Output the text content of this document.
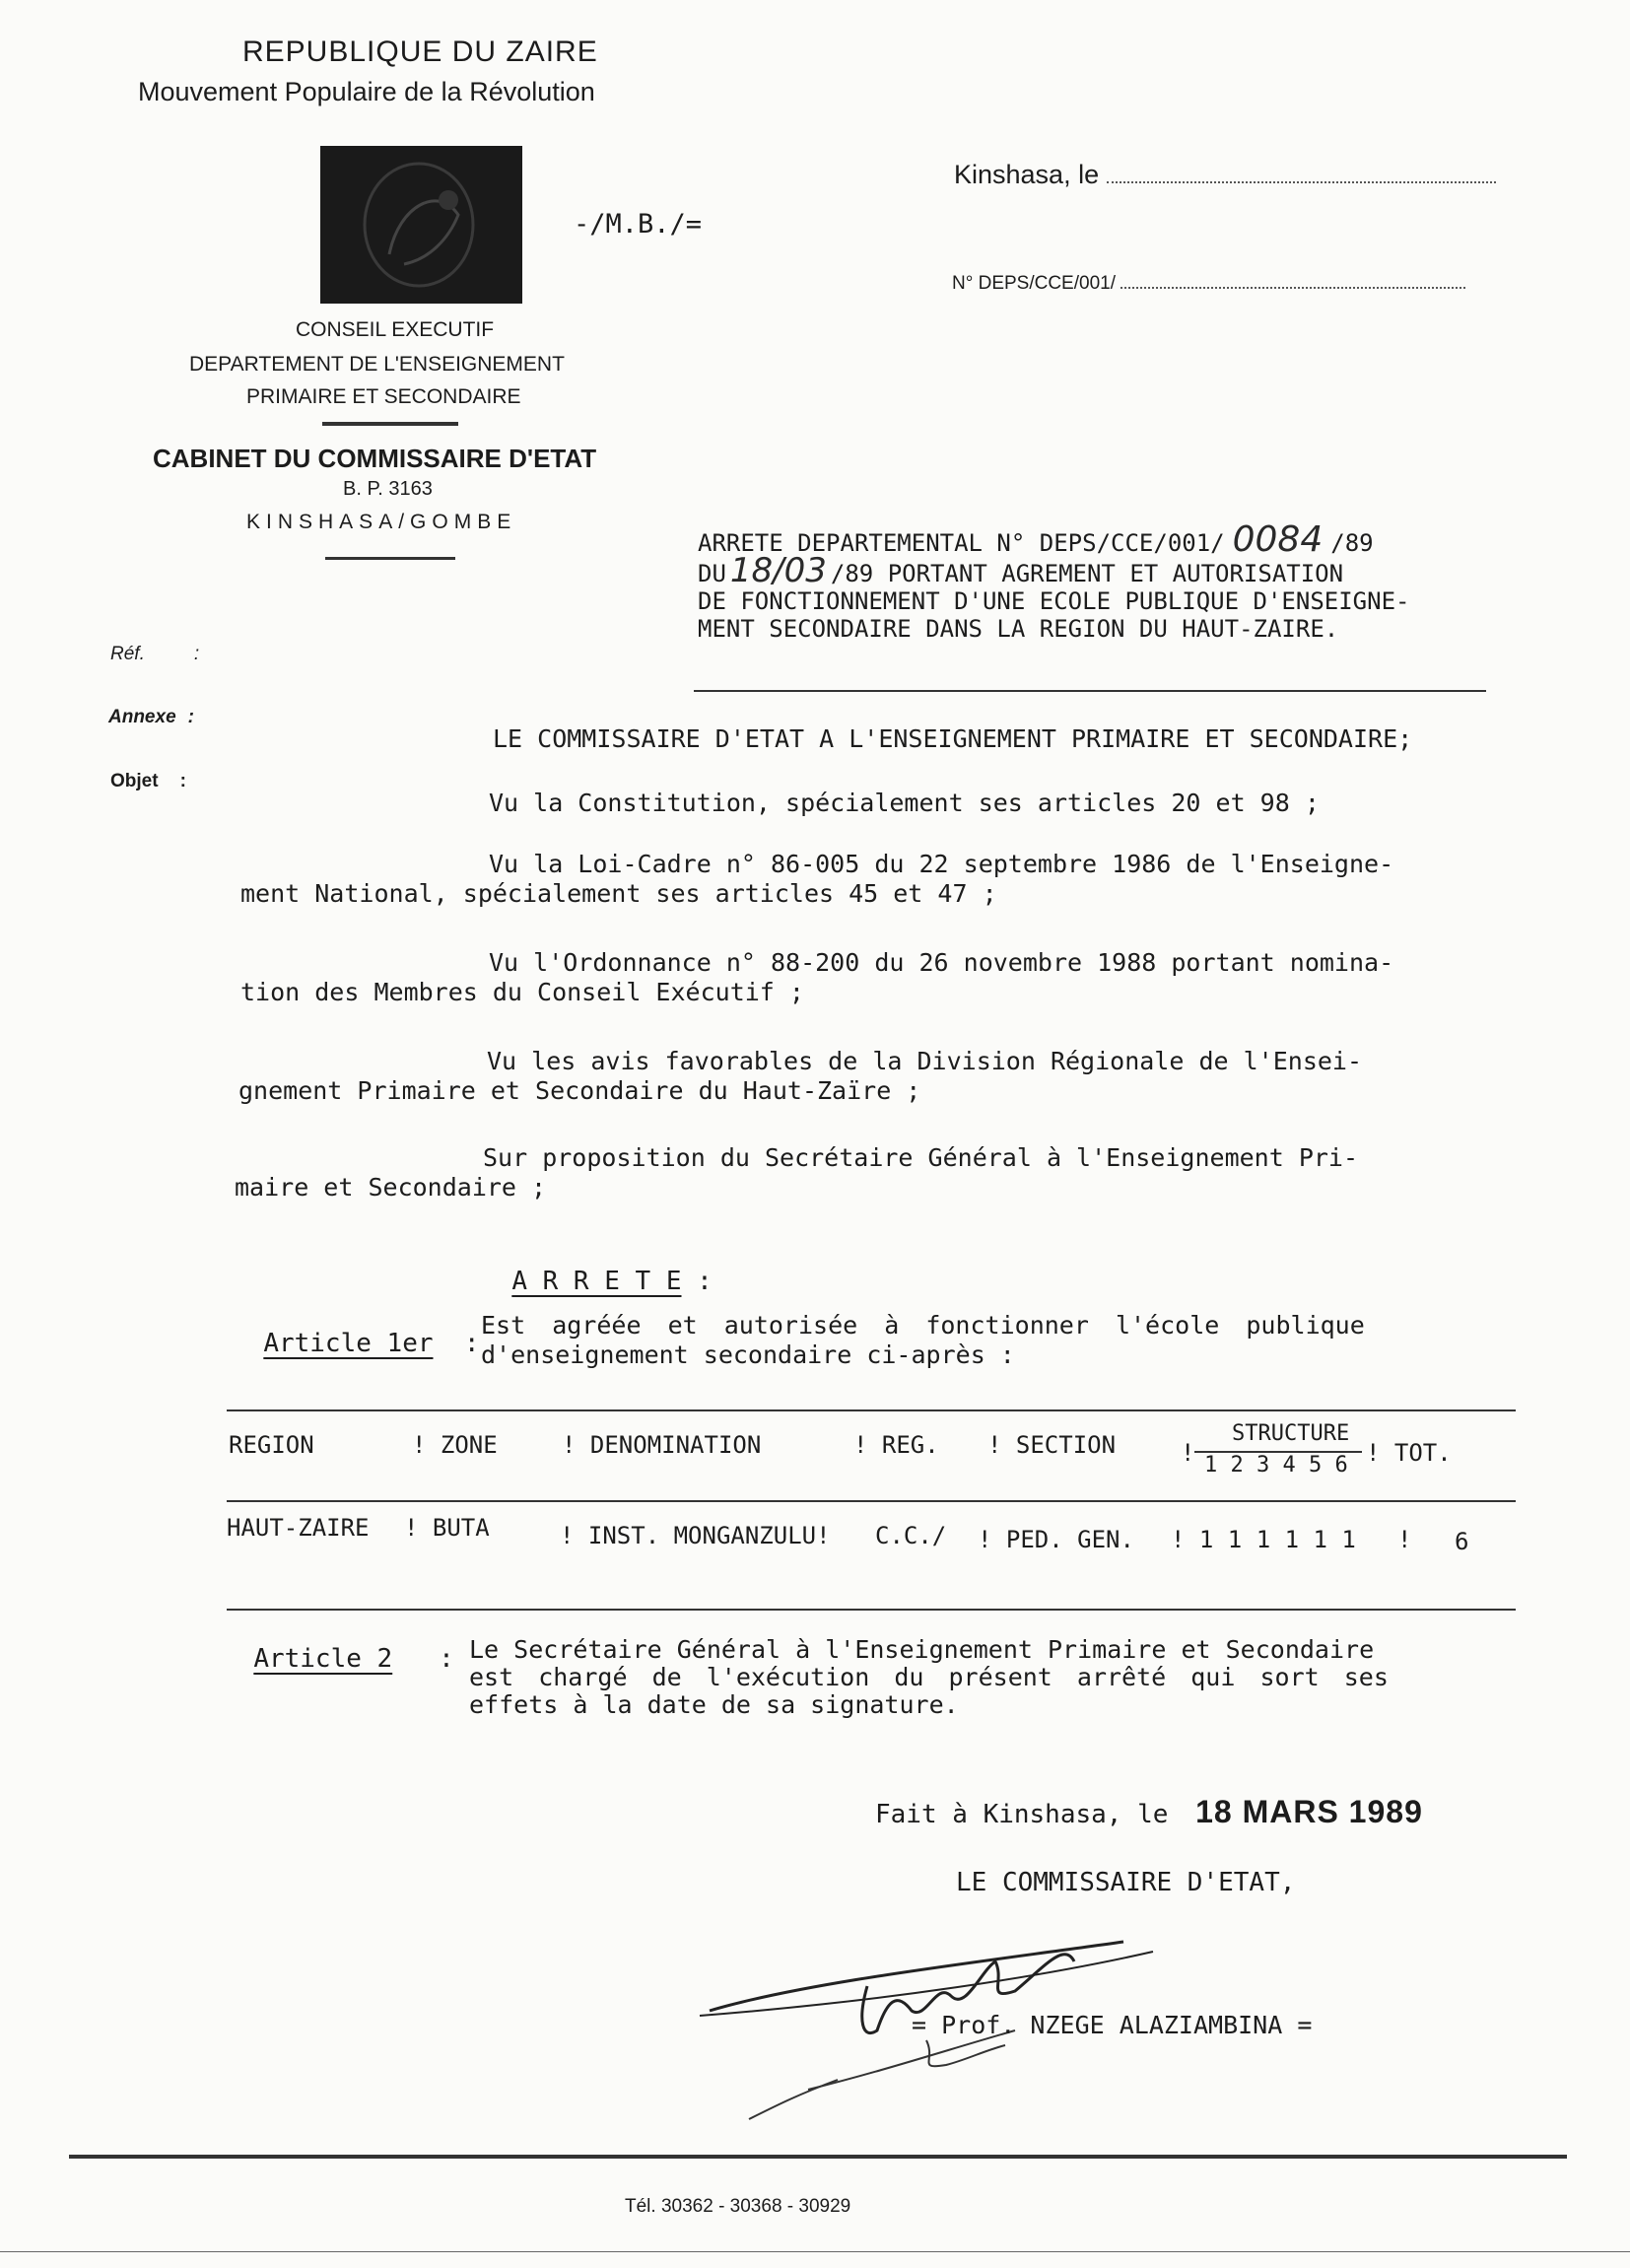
REPUBLIQUE DU ZAIRE
Mouvement Populaire de la Révolution
-/M.B./=
CONSEIL EXECUTIF
DEPARTEMENT DE L'ENSEIGNEMENT
PRIMAIRE ET SECONDAIRE
CABINET DU COMMISSAIRE D'ETAT
B. P. 3163
KINSHASA/GOMBE
Kinshasa, le
N° DEPS/CCE/001/
Réf.	:
Annexe :
Objet :
ARRETE DEPARTEMENTAL N° DEPS/CCE/001/ 0084 /89
DU 18/03 /89 PORTANT AGREMENT ET AUTORISATION
DE FONCTIONNEMENT D'UNE ECOLE PUBLIQUE D'ENSEIGNE-
MENT SECONDAIRE DANS LA REGION DU HAUT-ZAIRE.
LE COMMISSAIRE D'ETAT A L'ENSEIGNEMENT PRIMAIRE ET SECONDAIRE;
Vu la Constitution, spécialement ses articles 20 et 98 ;
Vu la Loi-Cadre n° 86-005 du 22 septembre 1986 de l'Enseigne-
ment National, spécialement ses articles 45 et 47 ;
Vu l'Ordonnance n° 88-200 du 26 novembre 1988 portant nomina-
tion des Membres du Conseil Exécutif ;
Vu les avis favorables de la Division Régionale de l'Ensei-
gnement Primaire et Secondaire du Haut-Zaïre ;
Sur proposition du Secrétaire Général à l'Enseignement Pri-
maire et Secondaire ;

A R R E T E :

Article 1er :

Est agréée et autorisée à fonctionner l'école publique
d'enseignement secondaire ci-après :
REGION	! ZONE	! DENOMINATION	! REG. ! SECTION	!
STRUCTURE
1 2 3 4 5 6 ! TOT.
HAUT-ZAIRE ! BUTA	! INST. MONGANZULU! C.C./ ! PED. GEN. ! 1 1 1 1 1 1 ! 6

Article 2 : Le Secrétaire Général à l'Enseignement Primaire et Secondaire
est chargé de l'exécution du présent arrêté qui sort ses
effets à la date de sa signature.
Fait à Kinshasa, le 18 MARS 1989
LE COMMISSAIRE D'ETAT,
= Prof. NZEGE ALAZIAMBINA =
Tél. 30362 - 30368 - 30929
